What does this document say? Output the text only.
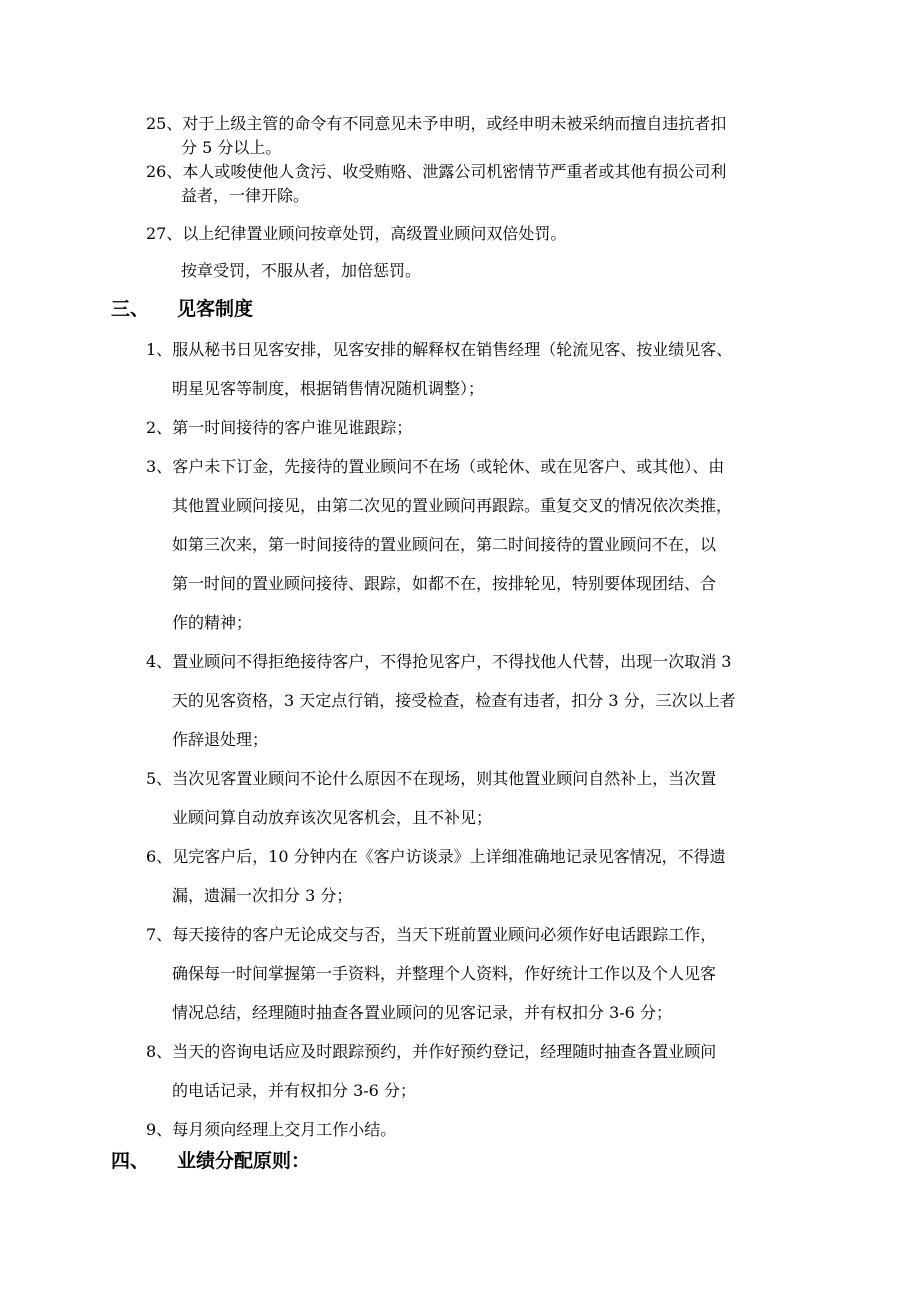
25、对于上级主管的命令有不同意见未予申明，或经申明未被采纳而擅自违抗者扣
分 5 分以上。
26、本人或唆使他人贪污、收受贿赂、泄露公司机密情节严重者或其他有损公司利
益者，一律开除。
27、以上纪律置业顾问按章处罚，高级置业顾问双倍处罚。
按章受罚，不服从者，加倍惩罚。
三、 见客制度
1、服从秘书日见客安排，见客安排的解释权在销售经理（轮流见客、按业绩见客、
明星见客等制度，根据销售情况随机调整）；
2、第一时间接待的客户谁见谁跟踪；
3、客户未下订金，先接待的置业顾问不在场（或轮休、或在见客户、或其他）、由
其他置业顾问接见，由第二次见的置业顾问再跟踪。重复交叉的情况依次类推，
如第三次来，第一时间接待的置业顾问在，第二时间接待的置业顾问不在，以
第一时间的置业顾问接待、跟踪，如都不在，按排轮见，特别要体现团结、合
作的精神；
4、置业顾问不得拒绝接待客户，不得抢见客户，不得找他人代替，出现一次取消 3
天的见客资格，3 天定点行销，接受检查，检查有违者，扣分 3 分，三次以上者
作辞退处理；
5、当次见客置业顾问不论什么原因不在现场，则其他置业顾问自然补上，当次置
业顾问算自动放弃该次见客机会，且不补见；
6、见完客户后，10 分钟内在《客户访谈录》上详细准确地记录见客情况，不得遗
漏，遗漏一次扣分 3 分；
7、每天接待的客户无论成交与否，当天下班前置业顾问必须作好电话跟踪工作，
确保每一时间掌握第一手资料，并整理个人资料，作好统计工作以及个人见客
情况总结，经理随时抽查各置业顾问的见客记录，并有权扣分 3-6 分；
8、当天的咨询电话应及时跟踪预约，并作好预约登记，经理随时抽查各置业顾问
的电话记录，并有权扣分 3-6 分；
9、每月须向经理上交月工作小结。
四、 业绩分配原则：
